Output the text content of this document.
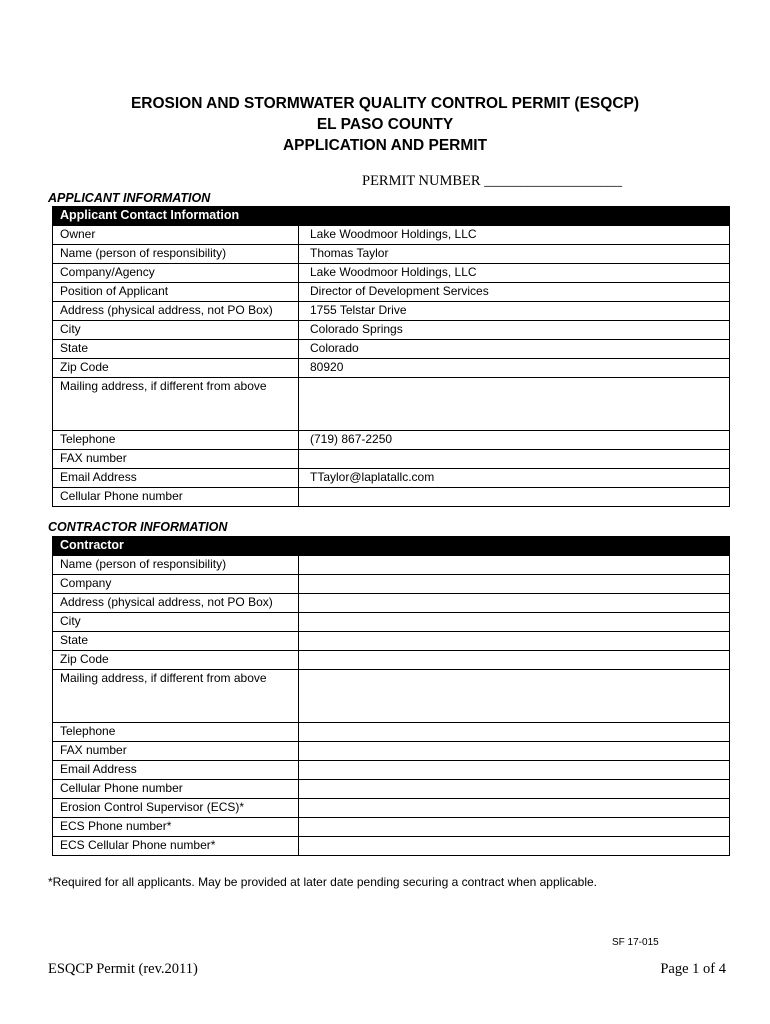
EROSION AND STORMWATER QUALITY CONTROL PERMIT (ESQCP)
EL PASO COUNTY
APPLICATION AND PERMIT
PERMIT NUMBER ___________________
APPLICANT INFORMATION
Applicant Contact Information	
Owner	Lake Woodmoor Holdings, LLC
Name (person of responsibility)	Thomas Taylor
Company/Agency	Lake Woodmoor Holdings, LLC
Position of Applicant	Director of Development Services
Address (physical address, not PO Box)	1755 Telstar Drive
City	Colorado Springs
State	Colorado
Zip Code	80920
Mailing address, if different from above	
Telephone	(719) 867-2250
FAX number	
Email Address	TTaylor@laplatallc.com
Cellular Phone number	
CONTRACTOR INFORMATION
Contractor	
Name (person of responsibility)	
Company	
Address (physical address, not PO Box)	
City	
State	
Zip Code	
Mailing address, if different from above	
Telephone	
FAX number	
Email Address	
Cellular Phone number	
Erosion Control Supervisor (ECS)*	
ECS Phone number*	
ECS Cellular Phone number*	
*Required for all applicants. May be provided at later date pending securing a contract when applicable.
SF 17-015
ESQCP Permit (rev.2011)	Page 1 of 4
